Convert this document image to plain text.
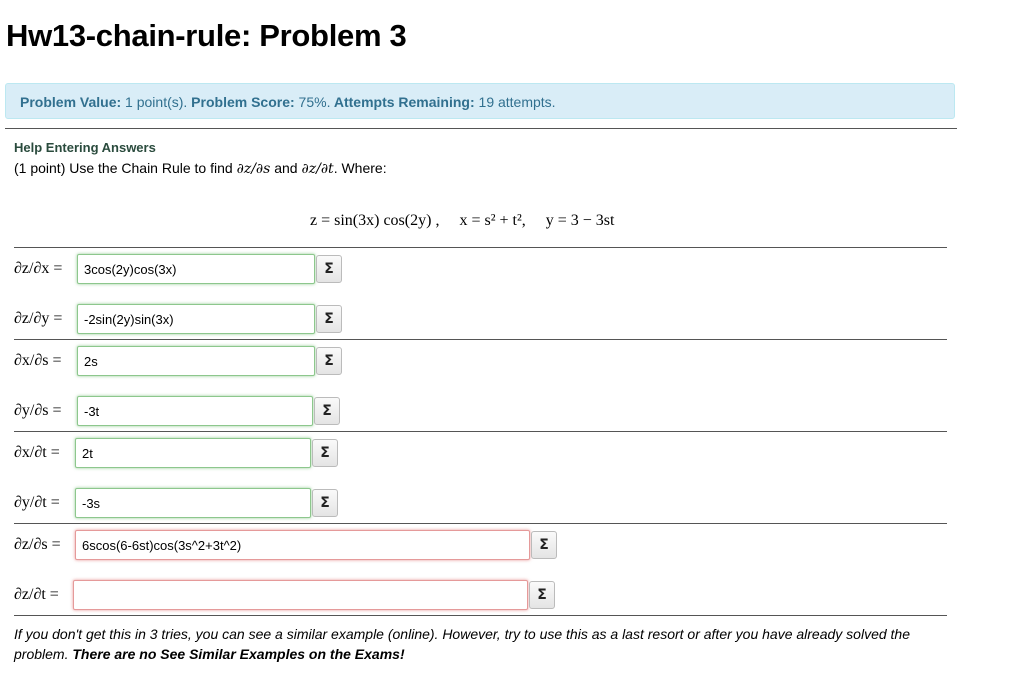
Hw13-chain-rule: Problem 3
Problem Value: 1 point(s). Problem Score: 75%. Attempts Remaining: 19 attempts.
Help Entering Answers
(1 point) Use the Chain Rule to find ∂z/∂s and ∂z/∂t. Where:
z = sin(3x) cos(2y) ,     x = s² + t²,     y = 3 − 3st
∂z/∂x =
3cos(2y)cos(3x)	Σ
∂z/∂y =
-2sin(2y)sin(3x)	Σ
∂x/∂s =
2s	Σ
∂y/∂s =
-3t	Σ
∂x/∂t =
2t	Σ
∂y/∂t =
-3s	Σ
∂z/∂s =
6scos(6-6st)cos(3s^2+3t^2)	Σ
∂z/∂t =	Σ
If you don't get this in 3 tries, you can see a similar example (online). However, try to use this as a last resort or after you have already solved the problem. There are no See Similar Examples on the Exams!
